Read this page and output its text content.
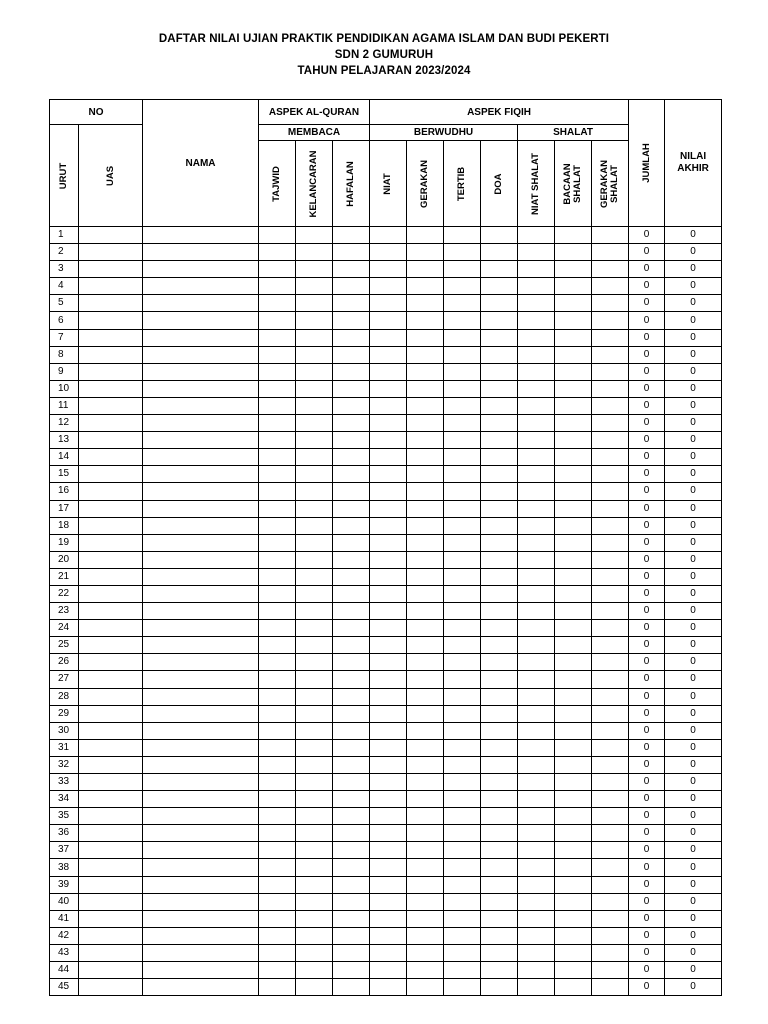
DAFTAR NILAI UJIAN PRAKTIK PENDIDIKAN AGAMA ISLAM DAN BUDI PEKERTI
SDN 2 GUMURUH
TAHUN PELAJARAN 2023/2024
NO		NAMA	ASPEK AL-QURAN			ASPEK FIQIH							JUMLAH	NILAI
AKHIR

URUT	UAS		MEMBACA			BERWUDHU				SHALAT				

			TAJWID	KELANCARAN	HAFALAN	NIAT	GERAKAN	TERTIB	DOA	NIAT SHALAT	BACAAN SHALAT	GERAKAN SHALAT		

1													0	0
2													0	0
3													0	0
4													0	0
5													0	0
6													0	0
7													0	0
8													0	0
9													0	0
10													0	0
11													0	0
12													0	0
13													0	0
14													0	0
15													0	0
16													0	0
17													0	0
18													0	0
19													0	0
20													0	0
21													0	0
22													0	0
23													0	0
24													0	0
25													0	0
26													0	0
27													0	0
28													0	0
29													0	0
30													0	0
31													0	0
32													0	0
33													0	0
34													0	0
35													0	0
36													0	0
37													0	0
38													0	0
39													0	0
40													0	0
41													0	0
42													0	0
43													0	0
44													0	0
45													0	0
